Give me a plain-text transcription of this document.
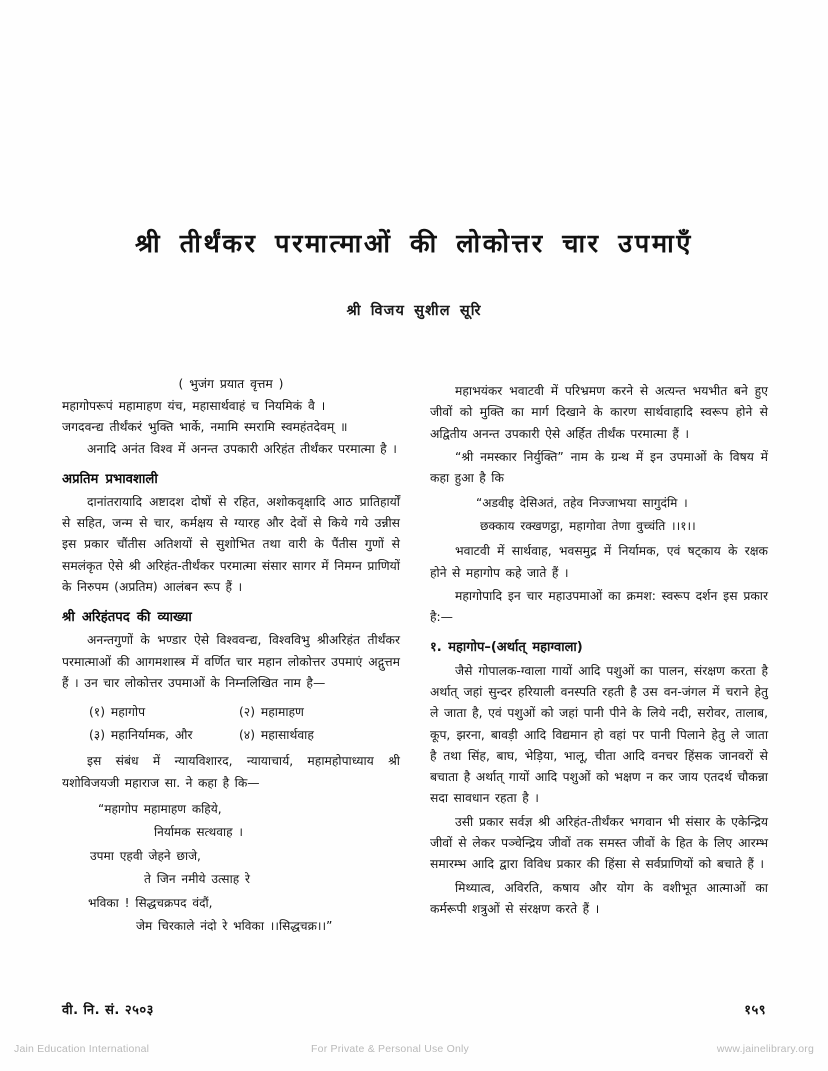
श्री तीर्थंकर परमात्माओं की लोकोत्तर चार उपमाएँ
श्री विजय सुशील सूरि
( भुजंग प्रयात वृत्तम )
महागोपरूपं महामाहण यंच, महासार्थवाहं च नियमिकं वै ।
जगदवन्द्य तीर्थंकरं भुक्ति भार्के, नमामि स्मरामि स्वमहंतदेवम् ॥

अनादि अनंत विश्व में अनन्त उपकारी अरिहंत तीर्थंकर परमात्मा है ।

अप्रतिम प्रभावशाली

दानांतरायादि अष्टादश दोषों से रहित, अशोकवृक्षादि आठ प्रातिहार्यों से सहित, जन्म से चार, कर्मक्षय से ग्यारह और देवों से किये गये उन्नीस इस प्रकार चौंतीस अतिशयों से सुशोभित तथा वारी के पैंतीस गुणों से समलंकृत ऐसे श्री अरिहंत-तीर्थंकर परमात्मा संसार सागर में निमग्न प्राणियों के निरुपम (अप्रतिम) आलंबन रूप हैं ।

श्री अरिहंतपद की व्याख्या

अनन्तगुणों के भण्डार ऐसे विश्ववन्द्य, विश्वविभु श्रीअरिहंत तीर्थंकर परमात्माओं की आगमशास्त्र में वर्णित चार महान लोकोत्तर उपमाएं अद्गुत्तम हैं । उन चार लोकोत्तर उपमाओं के निम्नलिखित नाम है—

(१) महागोप	(२) महामाहण
(३) महानिर्यामक, और	(४) महासार्थवाह

इस संबंध में न्यायविशारद, न्यायाचार्य, महामहोपाध्याय श्री यशोविजयजी महाराज सा. ने कहा है कि—

“महागोप महामाहण कहिये,
निर्यामक सत्थवाह ।
उपमा एहवी जेहने छाजे,
ते जिन नमीये उत्साह रे
भविका ! सिद्धचक्रपद वंदौं,
जेम चिरकाले नंदो रे भविका ।।सिद्धचक्र।।”

महाभयंकर भवाटवी में परिभ्रमण करने से अत्यन्त भयभीत बने हुए जीवों को मुक्ति का मार्ग दिखाने के कारण सार्थवाहादि स्वरूप होने से अद्वितीय अनन्त उपकारी ऐसे अर्हित तीर्थंक परमात्मा हैं ।

“श्री नमस्कार निर्युक्ति” नाम के ग्रन्थ में इन उपमाओं के विषय में कहा हुआ है कि

“अडवीइ देसिअतं, तहेव निज्जाभया सागुदंमि ।
छक्काय रक्खणट्ठा, महागोवा तेणा वुच्चंति ।।१।।

भवाटवी में सार्थवाह, भवसमुद्र में निर्यामक, एवं षट्काय के रक्षक होने से महागोप कहे जाते हैं ।

महागोपादि इन चार महाउपमाओं का क्रमश: स्वरूप दर्शन इस प्रकार है:—

१. महागोप–(अर्थात् महाग्वाला)

जैसे गोपालक-ग्वाला गायों आदि पशुओं का पालन, संरक्षण करता है अर्थात् जहां सुन्दर हरियाली वनस्पति रहती है उस वन-जंगल में चराने हेतु ले जाता है, एवं पशुओं को जहां पानी पीने के लिये नदी, सरोवर, तालाब, कूप, झरना, बावड़ी आदि विद्यमान हो वहां पर पानी पिलाने हेतु ले जाता है तथा सिंह, बाघ, भेड़िया, भालू, चीता आदि वनचर हिंसक जानवरों से बचाता है अर्थात् गायों आदि पशुओं को भक्षण न कर जाय एतदर्थ चौकन्ना सदा सावधान रहता है ।

उसी प्रकार सर्वज्ञ श्री अरिहंत-तीर्थंकर भगवान भी संसार के एकेन्द्रिय जीवों से लेकर पञ्चेन्द्रिय जीवों तक समस्त जीवों के हित के लिए आरम्भ समारम्भ आदि द्वारा विविध प्रकार की हिंसा से सर्वप्राणियों को बचाते हैं ।

मिथ्यात्व, अविरति, कषाय और योग के वशीभूत आत्माओं का कर्मरूपी शत्रुओं से संरक्षण करते हैं ।

वी. नि. सं. २५०३	१५९
Jain Education International	For Private & Personal Use Only	www.jainelibrary.org
